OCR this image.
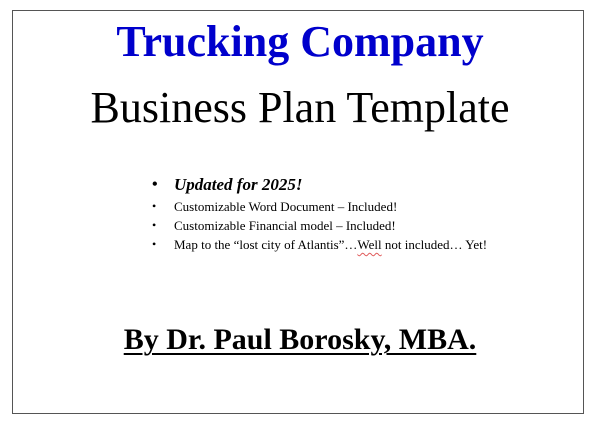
Trucking Company
Business Plan Template
• Updated for 2025!
• Customizable Word Document – Included!
• Customizable Financial model – Included!
• Map to the “lost city of Atlantis”…Well not included… Yet!
By Dr. Paul Borosky, MBA.
